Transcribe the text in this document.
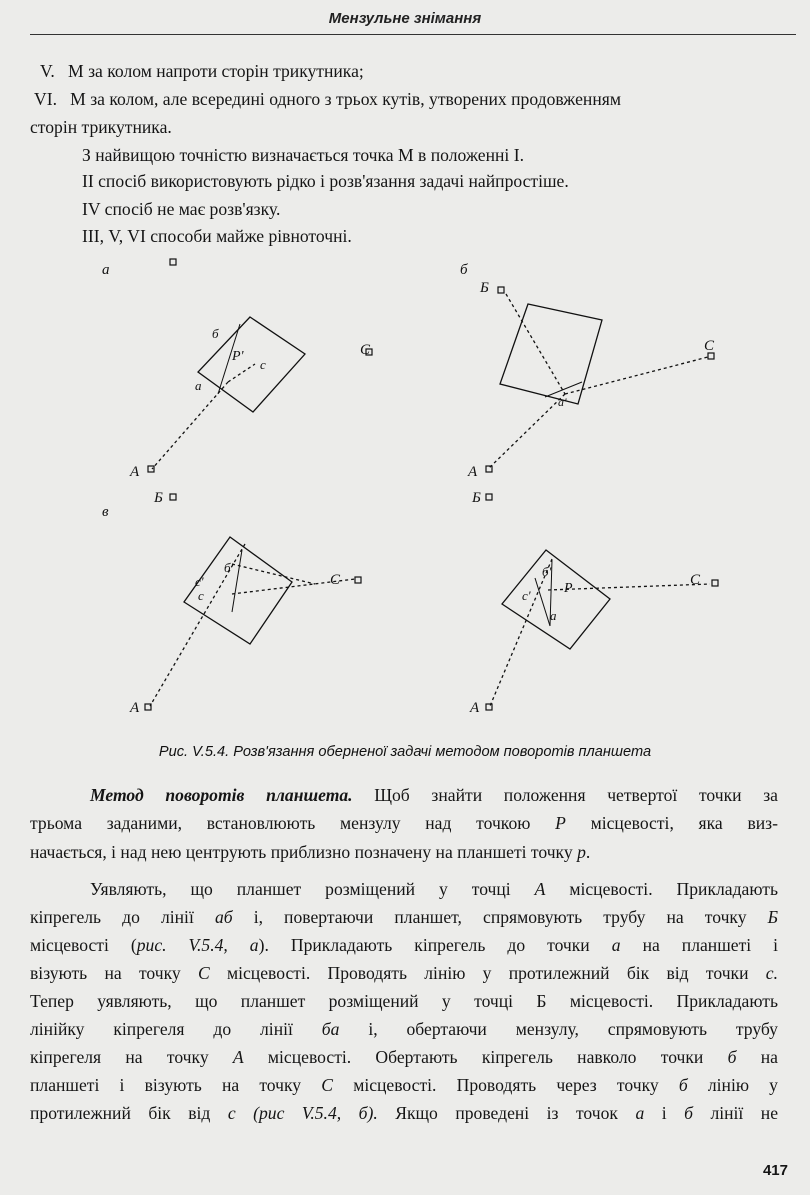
Мензульне знімання
V. М за колом напроти сторін трикутника;
VI. М за колом, але всередині одного з трьох кутів, утворених продовженням
сторін трикутника.
З найвищою точністю визначається точка М в положенні І.
ІІ спосіб використовують рідко і розв'язання задачі найпростіше.
IV спосіб не має розв'язку.
ІІІ, V, VI способи майже рівноточні.
а	б
в
С
А
Б
Р'
б
а
с
Б
С
А
Б
а'
С
А
б'
с'
с
С
А
б'
с' Р
а
Рис. V.5.4. Розв'язання оберненої задачі методом поворотів планшета
Метод поворотів планшета. Щоб знайти положення четвертої точки за
трьома заданими, встановлюють мензулу над точкою Р місцевості, яка виз-
начається, і над нею центрують приблизно позначену на планшеті точку р.
Уявляють, що планшет розміщений у точці А місцевості. Прикладають
кіпрегель до лінії аб і, повертаючи планшет, спрямовують трубу на точку Б
місцевості (рис. V.5.4, а). Прикладають кіпрегель до точки а на планшеті і
візують на точку С місцевості. Проводять лінію у протилежний бік від точки с.
Тепер уявляють, що планшет розміщений у точці Б місцевості. Прикладають
лінійку кіпрегеля до лінії ба і, обертаючи мензулу, спрямовують трубу
кіпрегеля на точку А місцевості. Обертають кіпрегель навколо точки б на
планшеті і візують на точку С місцевості. Проводять через точку б лінію у
протилежний бік від с (рис V.5.4, б). Якщо проведені із точок а і б лінії не
417
